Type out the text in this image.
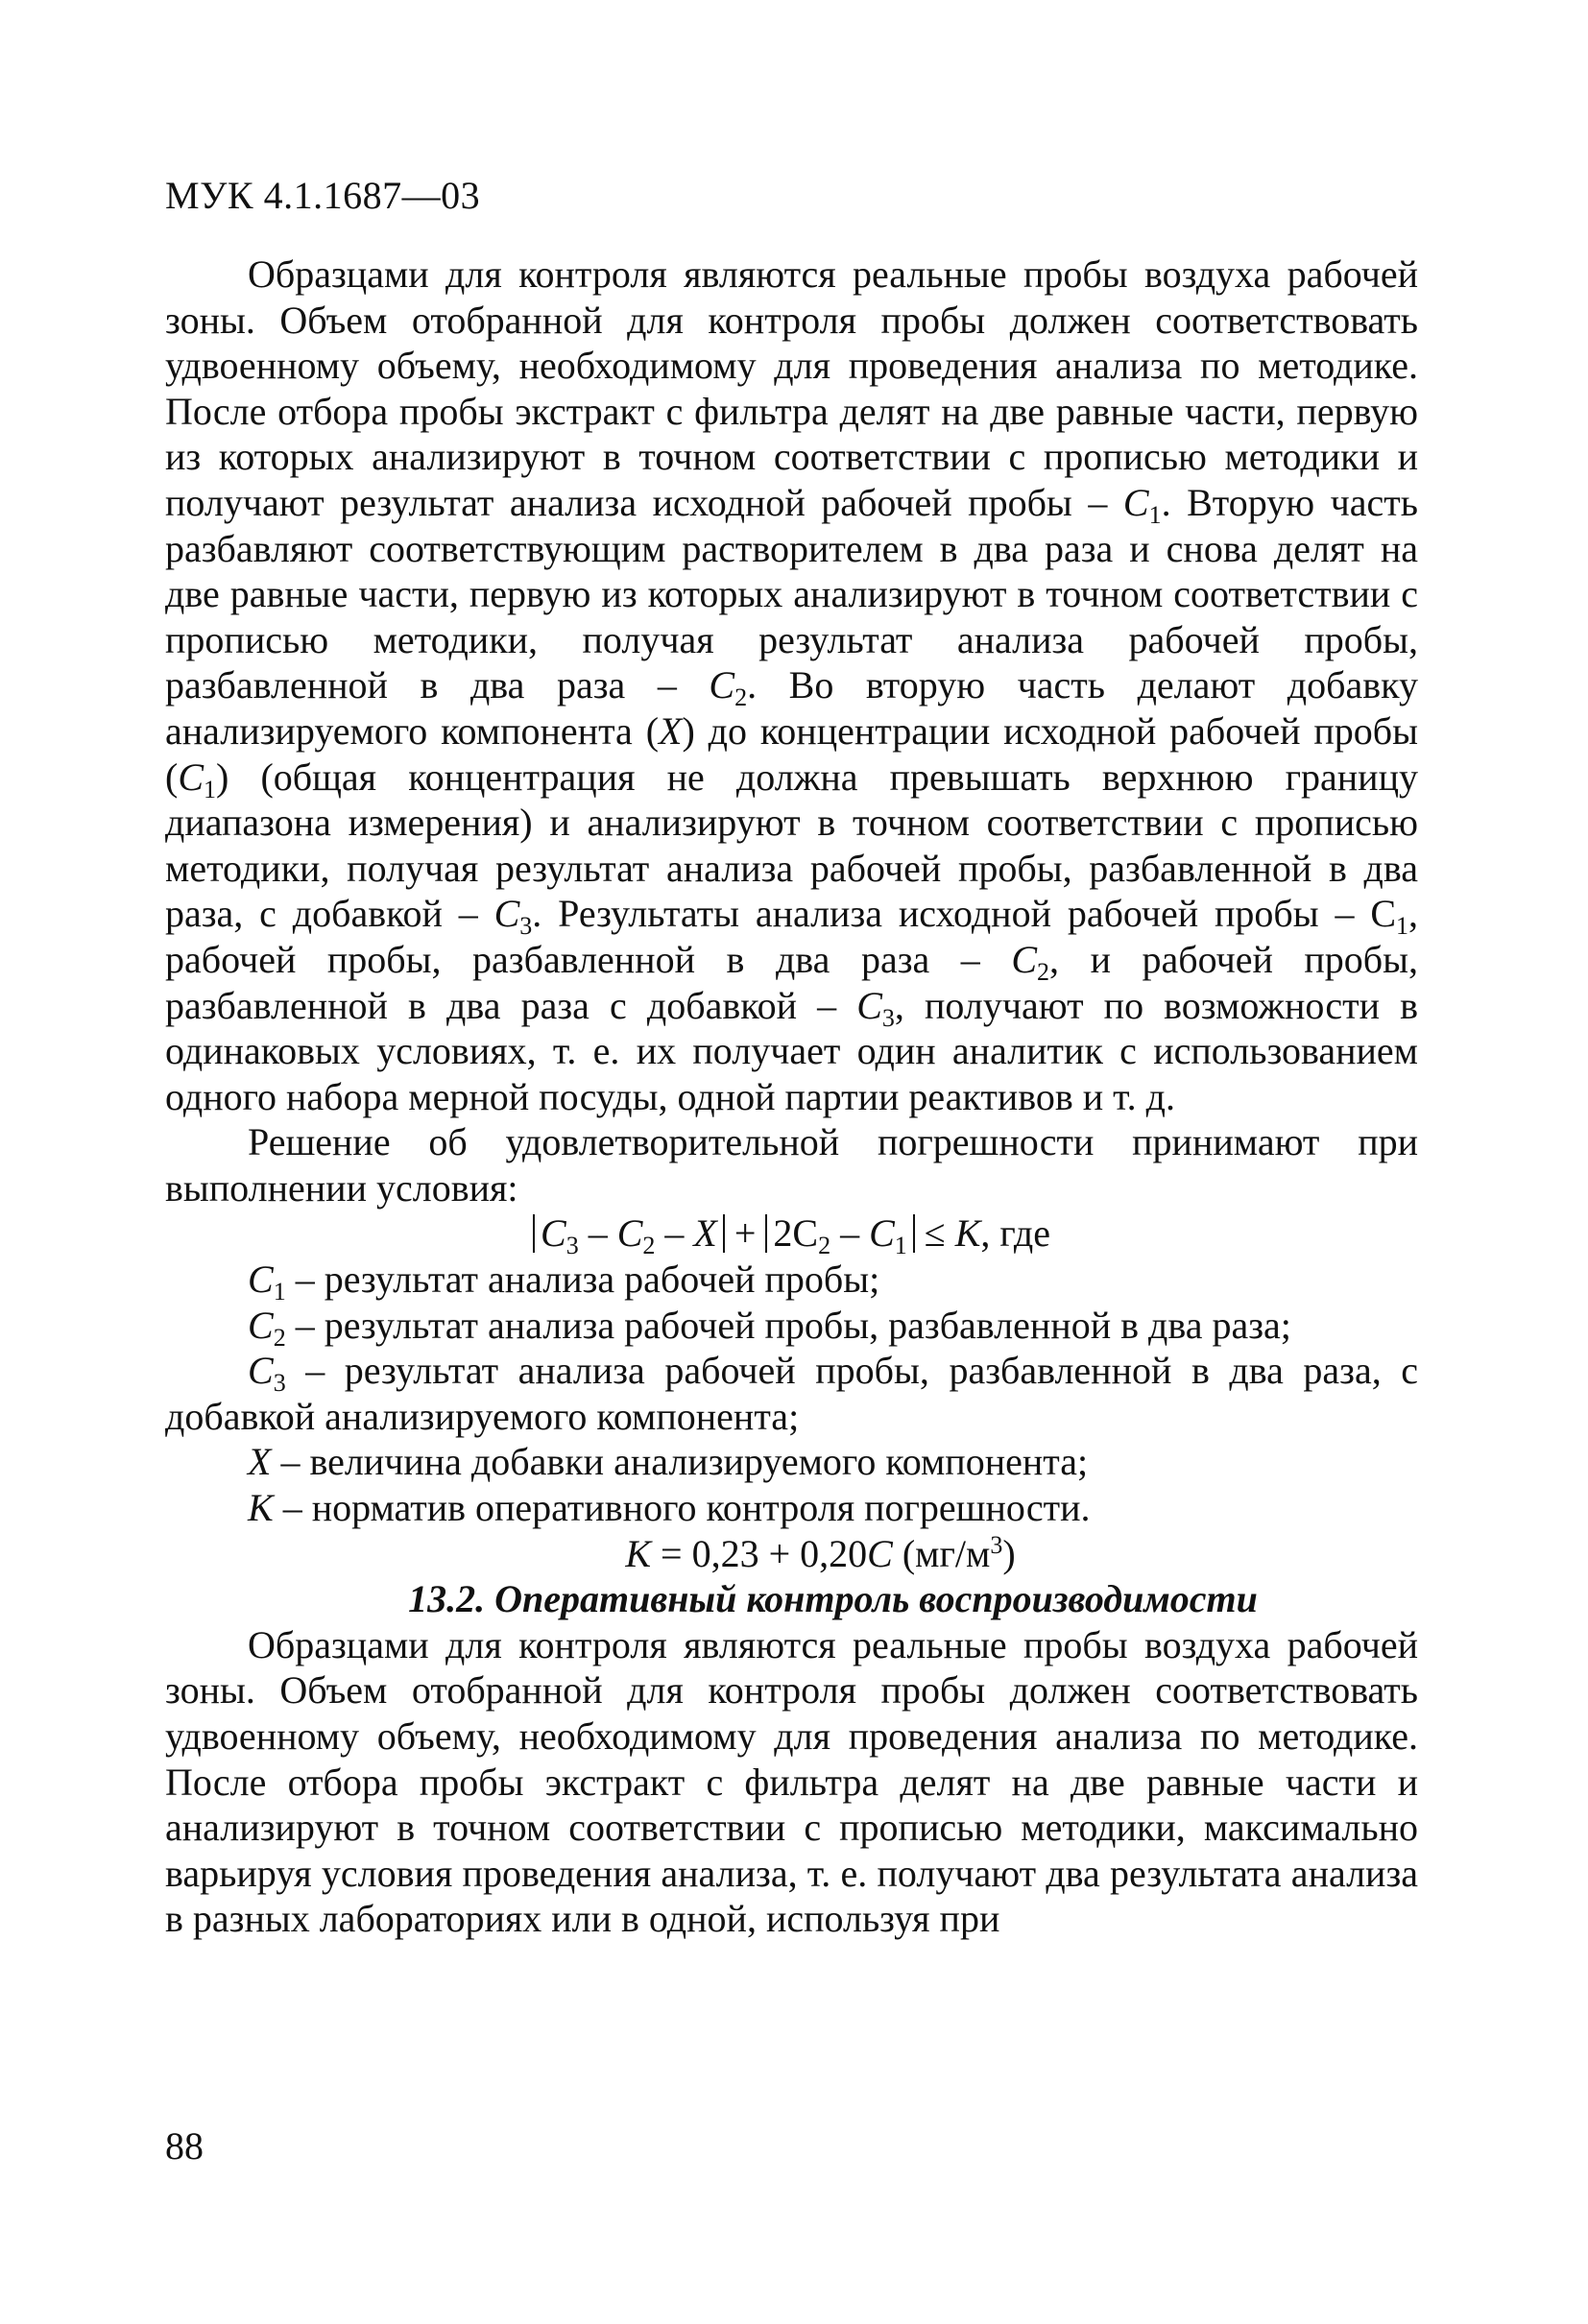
МУК 4.1.1687—03

Образцами для контроля являются реальные пробы воздуха рабочей зоны. Объем отобранной для контроля пробы должен соответствовать удвоенному объему, необходимому для проведения анализа по методике. После отбора пробы экстракт с фильтра делят на две равные части, первую из которых анализируют в точном соответствии с прописью методики и получают результат анализа исходной рабочей пробы – $C_1$. Вторую часть разбавляют соответствующим растворителем в два раза и снова делят на две равные части, первую из которых анализируют в точном соответствии с прописью методики, получая результат анализа рабочей пробы, разбавленной в два раза – $C_2$. Во вторую часть делают добавку анализируемого компонента (X) до концентрации исходной рабочей пробы $(C_1)$ (общая концентрация не должна превышать верхнюю границу диапазона измерения) и анализируют в точном соответствии с прописью методики, получая результат анализа рабочей пробы, разбавленной в два раза, с добавкой – $C_3$. Результаты анализа исходной рабочей пробы – $C_1$, рабочей пробы, разбавленной в два раза – $C_2$, и рабочей пробы, разбавленной в два раза с добавкой – $C_3$, получают по возможности в одинаковых условиях, т. е. их получает один аналитик с использованием одного набора мерной посуды, одной партии реактивов и т. д.

Решение об удовлетворительной погрешности принимают при выполнении условия:

$C_3 - C_2 - X + 2C_2 - C_1 \le K$, где

$C_1$ – результат анализа рабочей пробы;

$C_2$ – результат анализа рабочей пробы, разбавленной в два раза;

$C_3$ – результат анализа рабочей пробы, разбавленной в два раза, с добавкой анализируемого компонента;

X – величина добавки анализируемого компонента;

K – норматив оперативного контроля погрешности.

K = 0,23 + 0,20C $(мг/м^3)$

13.2. Оперативный контроль воспроизводимости

Образцами для контроля являются реальные пробы воздуха рабочей зоны. Объем отобранной для контроля пробы должен соответствовать удвоенному объему, необходимому для проведения анализа по методике. После отбора пробы экстракт с фильтра делят на две равные части и анализируют в точном соответствии с прописью методики, максимально варьируя условия проведения анализа, т. е. получают два результата анализа в разных лабораториях или в одной, используя при

88
